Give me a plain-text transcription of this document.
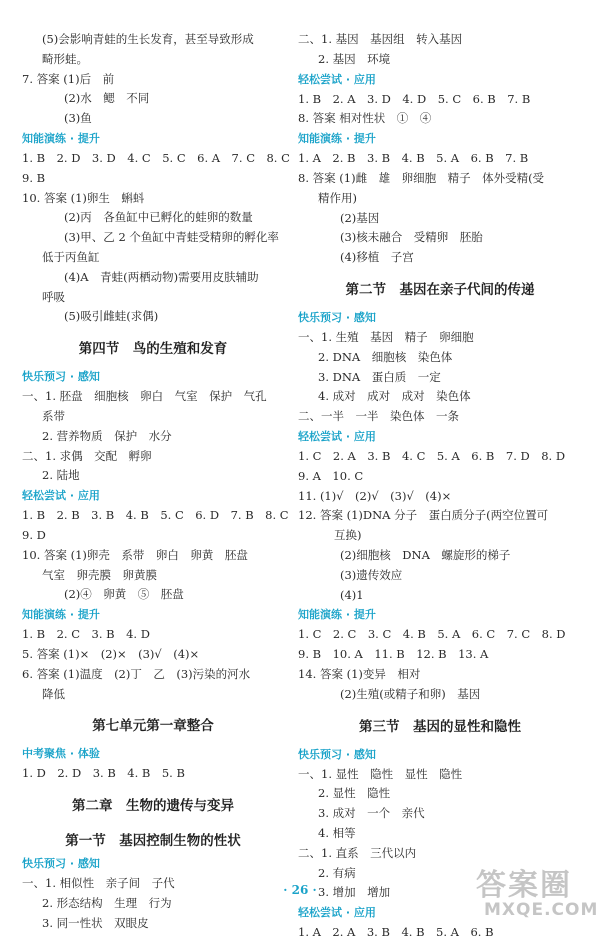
(5)会影响青蛙的生长发育，甚至导致形成
畸形蛙。
7. 答案 (1)后　前
(2)水　鳃　不同
(3)鱼
知能演练 · 提升
1. B　2. D　3. D　4. C　5. C　6. A　7. C　8. C
9. B
10. 答案 (1)卵生　蝌蚪
(2)丙　各鱼缸中已孵化的蛙卵的数量
(3)甲、乙 2 个鱼缸中青蛙受精卵的孵化率
低于丙鱼缸
(4)A　青蛙(两栖动物)需要用皮肤辅助
呼吸
(5)吸引雌蛙(求偶)
第四节　鸟的生殖和发育
快乐预习 · 感知
一、1. 胚盘　细胞核　卵白　气室　保护　气孔
系带
2. 营养物质　保护　水分
二、1. 求偶　交配　孵卵
2. 陆地
轻松尝试 · 应用
1. B　2. B　3. B　4. B　5. C　6. D　7. B　8. C
9. D
10. 答案 (1)卵壳　系带　卵白　卵黄　胚盘
气室　卵壳膜　卵黄膜
(2)④　卵黄　⑤　胚盘
知能演练 · 提升
1. B　2. C　3. B　4. D
5. 答案 (1)×　(2)×　(3)√　(4)×
6. 答案 (1)温度　(2)丁　乙　(3)污染的河水
降低
第七单元第一章整合
中考聚焦 · 体验
1. D　2. D　3. B　4. B　5. B
第二章　生物的遗传与变异
第一节　基因控制生物的性状
快乐预习 · 感知
一、1. 相似性　亲子间　子代
2. 形态结构　生理　行为
3. 同一性状　双眼皮
二、1. 基因　基因组　转入基因
2. 基因　环境
轻松尝试 · 应用
1. B　2. A　3. D　4. D　5. C　6. B　7. B
8. 答案 相对性状　①　④
知能演练 · 提升
1. A　2. B　3. B　4. B　5. A　6. B　7. B
8. 答案 (1)雌　雄　卵细胞　精子　体外受精(受
精作用)
(2)基因
(3)核未融合　受精卵　胚胎
(4)移植　子宫
第二节　基因在亲子代间的传递
快乐预习 · 感知
一、1. 生殖　基因　精子　卵细胞
2. DNA　细胞核　染色体
3. DNA　蛋白质　一定
4. 成对　成对　成对　染色体
二、一半　一半　染色体　一条
轻松尝试 · 应用
1. C　2. A　3. B　4. C　5. A　6. B　7. D　8. D
9. A　10. C
11. (1)√　(2)√　(3)√　(4)×
12. 答案 (1)DNA 分子　蛋白质分子(两空位置可
互换)
(2)细胞核　DNA　螺旋形的梯子
(3)遗传效应
(4)1
知能演练 · 提升
1. C　2. C　3. C　4. B　5. A　6. C　7. C　8. D
9. B　10. A　11. B　12. B　13. A
14. 答案 (1)变异　相对
(2)生殖(或精子和卵)　基因
第三节　基因的显性和隐性
快乐预习 · 感知
一、1. 显性　隐性　显性　隐性
2. 显性　隐性
3. 成对　一个　亲代
4. 相等
二、1. 直系　三代以内
2. 有病
3. 增加　增加
轻松尝试 · 应用
1. A　2. A　3. B　4. B　5. A　6. B
· 26 ·	答案圈
MXQE.COM
